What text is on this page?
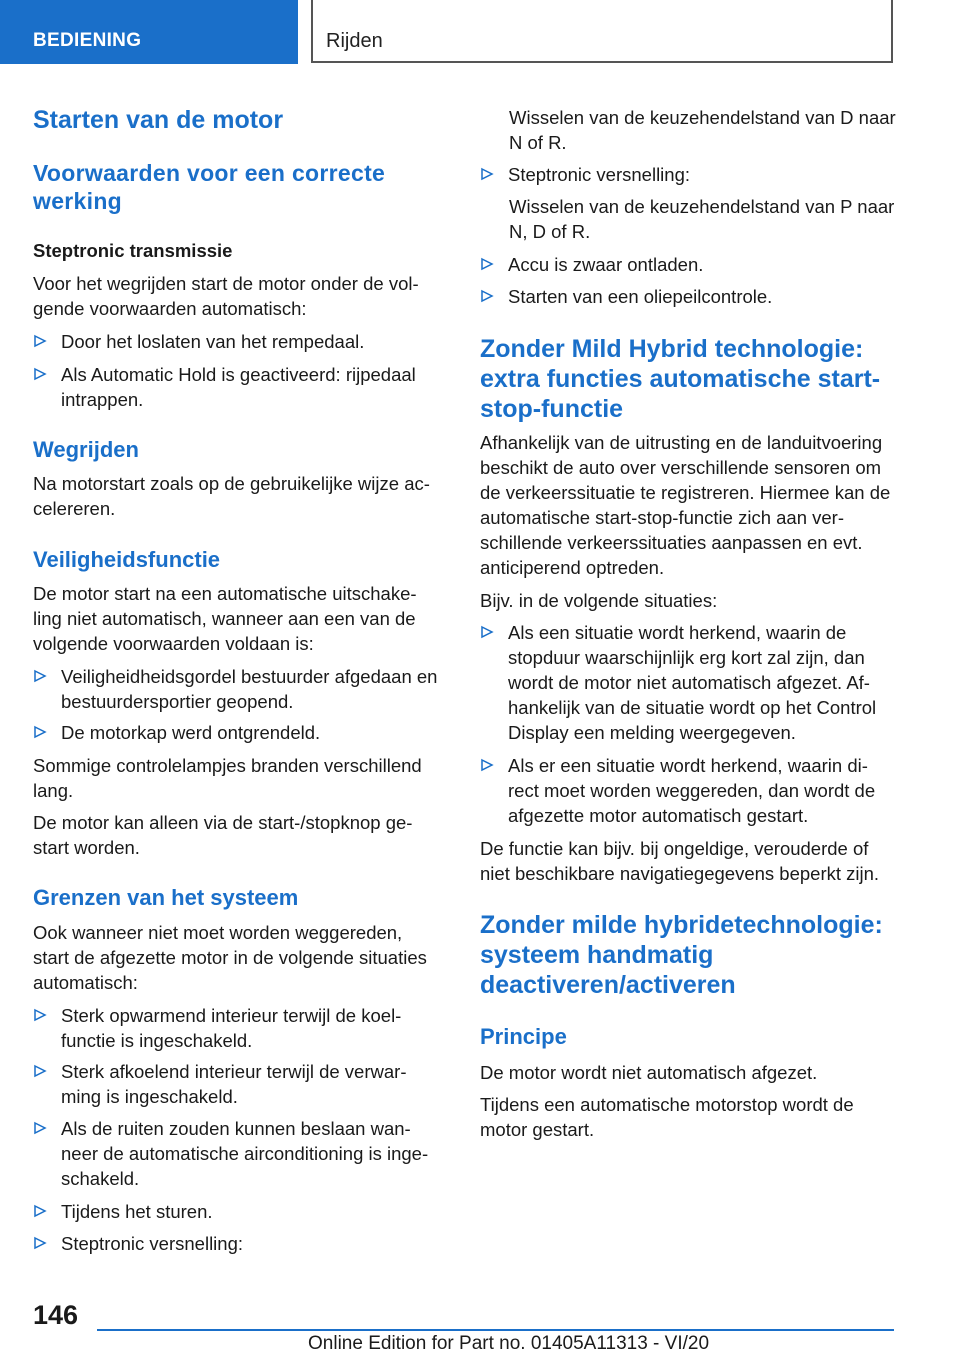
BEDIENING	Rijden
Starten van de motor
Voorwaarden voor een correcte werking
Steptronic transmissie

Voor het wegrijden start de motor onder de vol-gende voorwaarden automatisch:

Door het loslaten van het rempedaal.
Als Automatic Hold is geactiveerd: rijpedaal intrappen.
Wegrijden

Na motorstart zoals op de gebruikelijke wijze ac-celereren.

Veiligheidsfunctie

De motor start na een automatische uitschake-ling niet automatisch, wanneer aan een van de volgende voorwaarden voldaan is:

Veiligheidheidsgordel bestuurder afgedaan en bestuurdersportier geopend.
De motorkap werd ontgrendeld.

Sommige controlelampjes branden verschillend lang.

De motor kan alleen via de start-/stopknop ge-start worden.

Grenzen van het systeem

Ook wanneer niet moet worden weggereden, start de afgezette motor in de volgende situaties automatisch:

Sterk opwarmend interieur terwijl de koel-functie is ingeschakeld.
Sterk afkoelend interieur terwijl de verwar-ming is ingeschakeld.
Als de ruiten zouden kunnen beslaan wan-neer de automatische airconditioning is inge-schakeld.
Tijdens het sturen.
Steptronic versnelling:

Wisselen van de keuzehendelstand van D naar N of R.

Steptronic versnelling:

Wisselen van de keuzehendelstand van P naar N, D of R.

Accu is zwaar ontladen.
Starten van een oliepeilcontrole.
Zonder Mild Hybrid technologie: extra functies automatische start-stop-functie

Afhankelijk van de uitrusting en de landuitvoering beschikt de auto over verschillende sensoren om de verkeerssituatie te registreren. Hiermee kan de automatische start-stop-functie zich aan ver-schillende verkeerssituaties aanpassen en evt. anticiperend optreden.

Bijv. in de volgende situaties:

Als een situatie wordt herkend, waarin de stopduur waarschijnlijk erg kort zal zijn, dan wordt de motor niet automatisch afgezet. Af-hankelijk van de situatie wordt op het Control Display een melding weergegeven.
Als er een situatie wordt herkend, waarin di-rect moet worden weggereden, dan wordt de afgezette motor automatisch gestart.

De functie kan bijv. bij ongeldige, verouderde of niet beschikbare navigatiegegevens beperkt zijn.

Zonder milde hybridetechnologie: systeem handmatig deactiveren/activeren
Principe

De motor wordt niet automatisch afgezet.

Tijdens een automatische motorstop wordt de motor gestart.

146
Online Edition for Part no. 01405A11313 - VI/20
